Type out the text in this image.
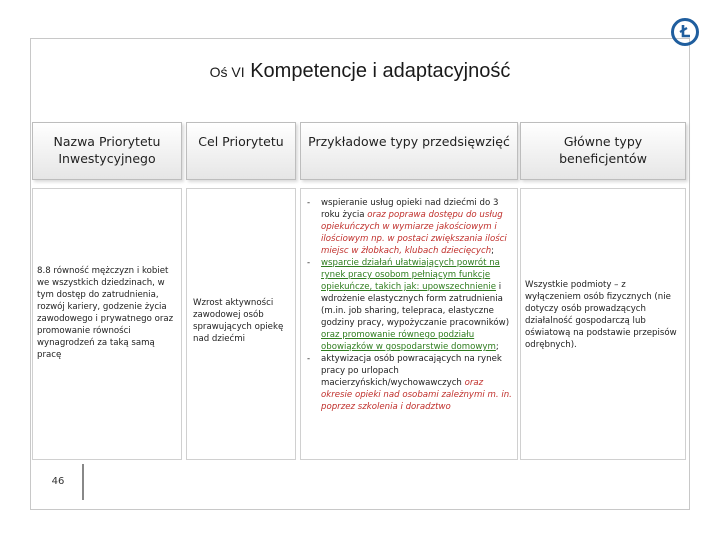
Oś VI Kompetencje i adaptacyjność
Nazwa Priorytetu Inwestycyjnego
Cel Priorytetu	Przykładowe typy przedsięwzięć	Główne typy beneficjentów
8.8 równość mężczyzn i kobiet we wszystkich dziedzinach, w tym dostęp do zatrudnienia, rozwój kariery, godzenie życia zawodowego i prywatnego oraz promowanie równości wynagrodzeń za taką samą pracę
Wzrost aktywności zawodowej osób sprawujących opiekę nad dziećmi
- wspieranie usług opieki nad dziećmi do 3 roku życia oraz poprawa dostępu do usług opiekuńczych w wymiarze jakościowym i ilościowym np. w postaci zwiększania ilości miejsc w żłobkach, klubach dziecięcych;
- wsparcie działań ułatwiających powrót na rynek pracy osobom pełniącym funkcje opiekuńcze, takich jak: upowszechnienie i wdrożenie elastycznych form zatrudnienia (m.in. job sharing, telepraca, elastyczne godziny pracy, wypożyczanie pracowników) oraz promowanie równego podziału obowiązków w gospodarstwie domowym;
- aktywizacja osób powracających na rynek pracy po urlopach macierzyńskich/wychowawczych oraz okresie opieki nad osobami zależnymi m. in. poprzez szkolenia i doradztwo
Wszystkie podmioty – z wyłączeniem osób fizycznych (nie dotyczy osób prowadzących działalność gospodarczą lub oświatową na podstawie przepisów odrębnych).
46
